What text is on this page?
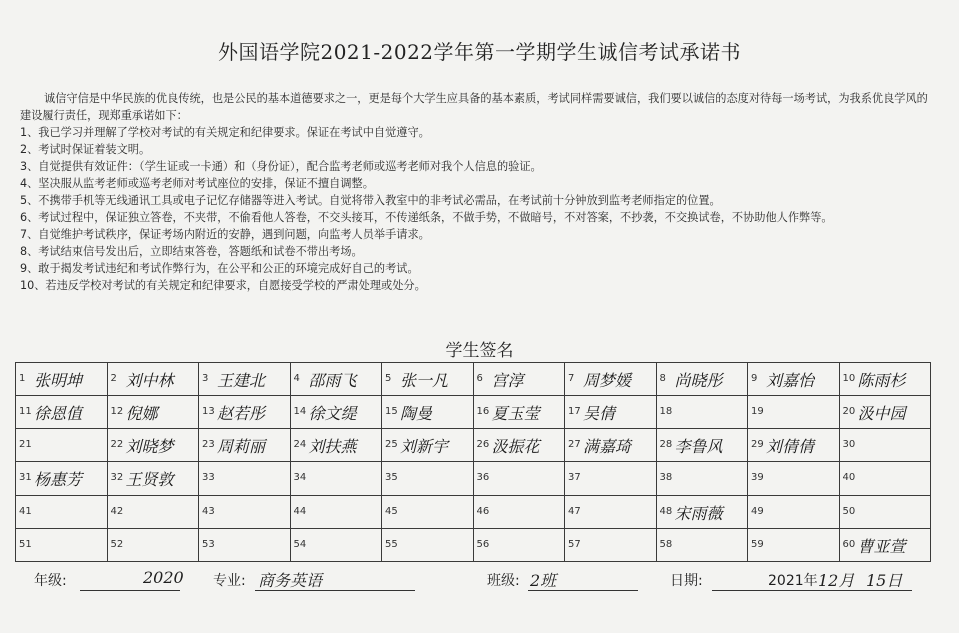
外国语学院2021-2022学年第一学期学生诚信考试承诺书

诚信守信是中华民族的优良传统，也是公民的基本道德要求之一，更是每个大学生应具备的基本素质，考试同样需要诚信，我们要以诚信的态度对待每一场考试，为我系优良学风的建设履行责任，现郑重承诺如下：

1、我已学习并理解了学校对考试的有关规定和纪律要求。保证在考试中自觉遵守。

2、考试时保证着装文明。

3、自觉提供有效证件：（学生证或一卡通）和（身份证），配合监考老师或巡考老师对我个人信息的验证。

4、坚决服从监考老师或巡考老师对考试座位的安排，保证不擅自调整。

5、不携带手机等无线通讯工具或电子记忆存储器等进入考试。自觉将带入教室中的非考试必需品，在考试前十分钟放到监考老师指定的位置。

6、考试过程中，保证独立答卷，不夹带，不偷看他人答卷，不交头接耳，不传递纸条，不做手势，不做暗号，不对答案，不抄袭，不交换试卷，不协助他人作弊等。

7、自觉维护考试秩序，保证考场内附近的安静，遇到问题，向监考人员举手请求。

8、考试结束信号发出后，立即结束答卷，答题纸和试卷不带出考场。

9、敢于揭发考试违纪和考试作弊行为，在公平和公正的环境完成好自己的考试。

10、若违反学校对考试的有关规定和纪律要求，自愿接受学校的严肃处理或处分。

学生签名
1 张明坤	2 刘中林	3 王建北	4 邵雨飞	5 张一凡	6 宫淳	7 周梦媛	8 尚晓彤	9 刘嘉怡	10 陈雨杉

11 徐恩值	12 倪娜	13 赵若彤	14 徐文缇	15 陶曼	16 夏玉莹	17 吴倩	18	19	20 汲中园

21	22 刘晓梦	23 周莉丽	24 刘扶燕	25 刘新宇	26 汲振花	27 满嘉琦	28 李鲁风	29 刘倩倩	30

31 杨惠芳	32 王贤敦	33	34	35	36	37	38	39	40

41	42	43	44	45	46	47	48 宋雨薇	49	50

51	52	53	54	55	56	57	58	59	60 曹亚萱
年级:	2020 专业: 商务英语	班级: 2班	日期:	2021年 12月 15日
